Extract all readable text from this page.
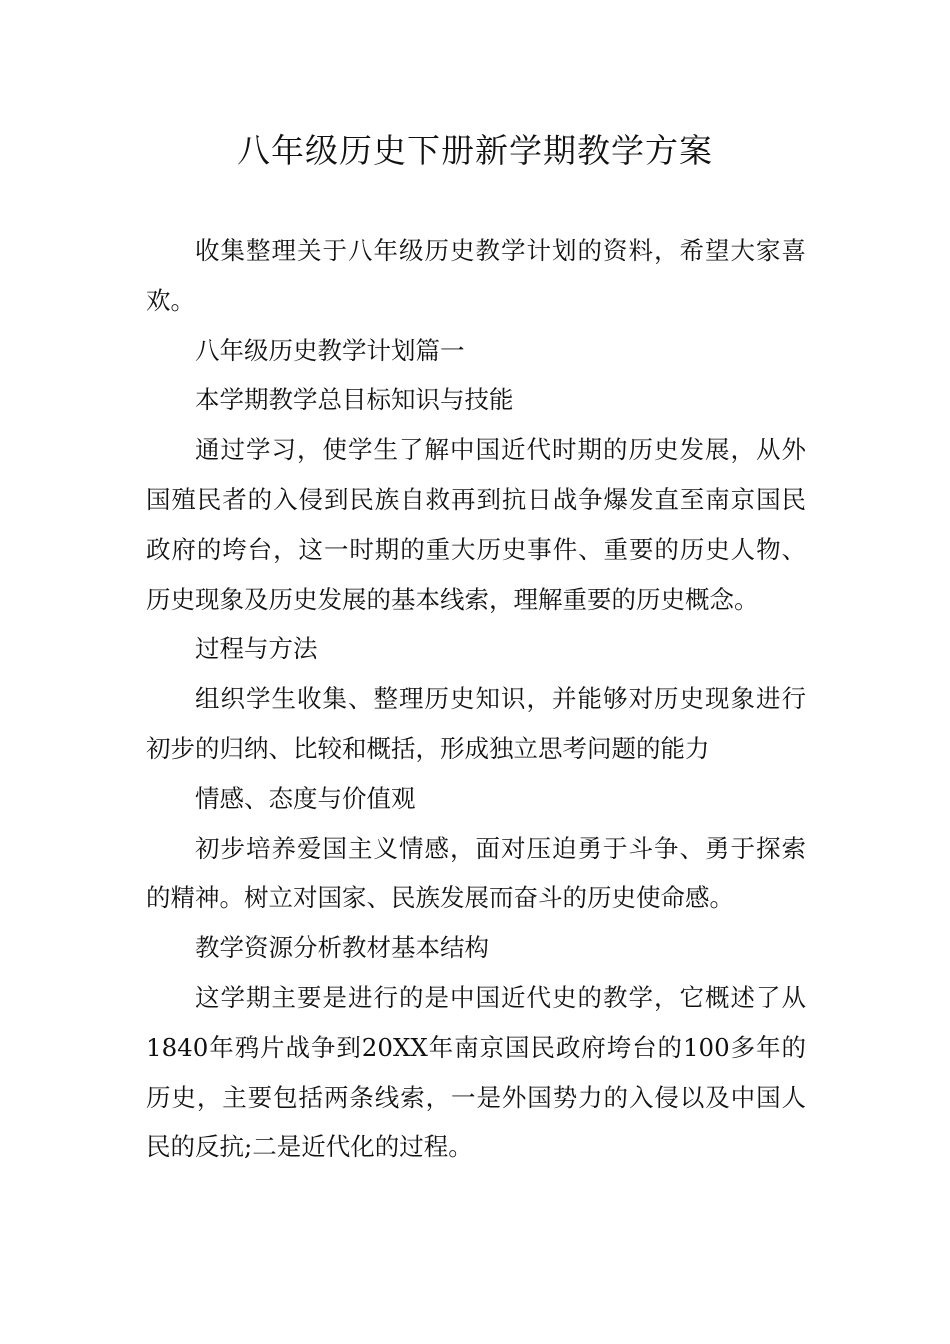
八年级历史下册新学期教学方案

收集整理关于八年级历史教学计划的资料，希望大家喜欢。

八年级历史教学计划篇一

本学期教学总目标知识与技能

通过学习，使学生了解中国近代时期的历史发展，从外国殖民者的入侵到民族自救再到抗日战争爆发直至南京国民政府的垮台，这一时期的重大历史事件、重要的历史人物、历史现象及历史发展的基本线索，理解重要的历史概念。

过程与方法

组织学生收集、整理历史知识，并能够对历史现象进行初步的归纳、比较和概括，形成独立思考问题的能力

情感、态度与价值观

初步培养爱国主义情感，面对压迫勇于斗争、勇于探索的精神。树立对国家、民族发展而奋斗的历史使命感。

教学资源分析教材基本结构

这学期主要是进行的是中国近代史的教学，它概述了从1840年鸦片战争到20XX年南京国民政府垮台的100多年的历史，主要包括两条线索，一是外国势力的入侵以及中国人民的反抗;二是近代化的过程。
